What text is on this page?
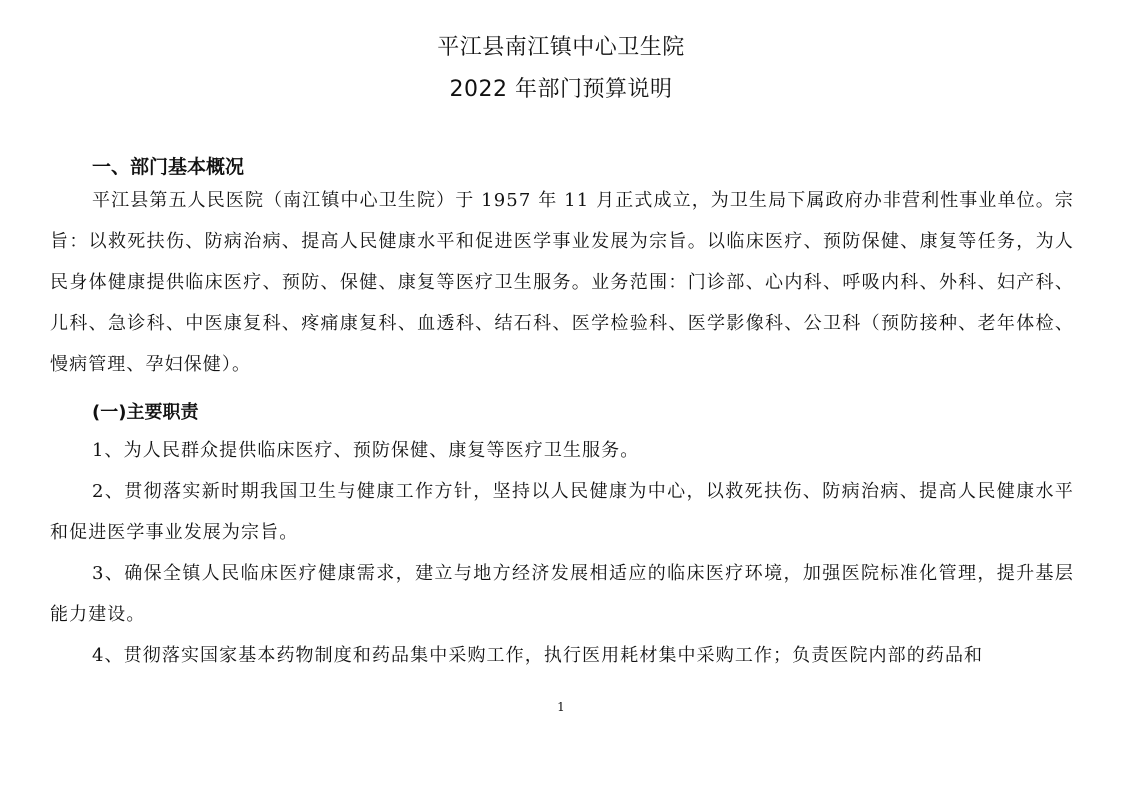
平江县南江镇中心卫生院
2022 年部门预算说明
一、部门基本概况
平江县第五人民医院（南江镇中心卫生院）于 1957 年 11 月正式成立，为卫生局下属政府办非营利性事业单位。宗旨：以救死扶伤、防病治病、提高人民健康水平和促进医学事业发展为宗旨。以临床医疗、预防保健、康复等任务，为人民身体健康提供临床医疗、预防、保健、康复等医疗卫生服务。业务范围：门诊部、心内科、呼吸内科、外科、妇产科、儿科、急诊科、中医康复科、疼痛康复科、血透科、结石科、医学检验科、医学影像科、公卫科（预防接种、老年体检、慢病管理、孕妇保健）。
(一)主要职责
1、为人民群众提供临床医疗、预防保健、康复等医疗卫生服务。
2、贯彻落实新时期我国卫生与健康工作方针，坚持以人民健康为中心，以救死扶伤、防病治病、提高人民健康水平和促进医学事业发展为宗旨。
3、确保全镇人民临床医疗健康需求，建立与地方经济发展相适应的临床医疗环境，加强医院标准化管理，提升基层能力建设。
4、贯彻落实国家基本药物制度和药品集中采购工作，执行医用耗材集中采购工作；负责医院内部的药品和
1
